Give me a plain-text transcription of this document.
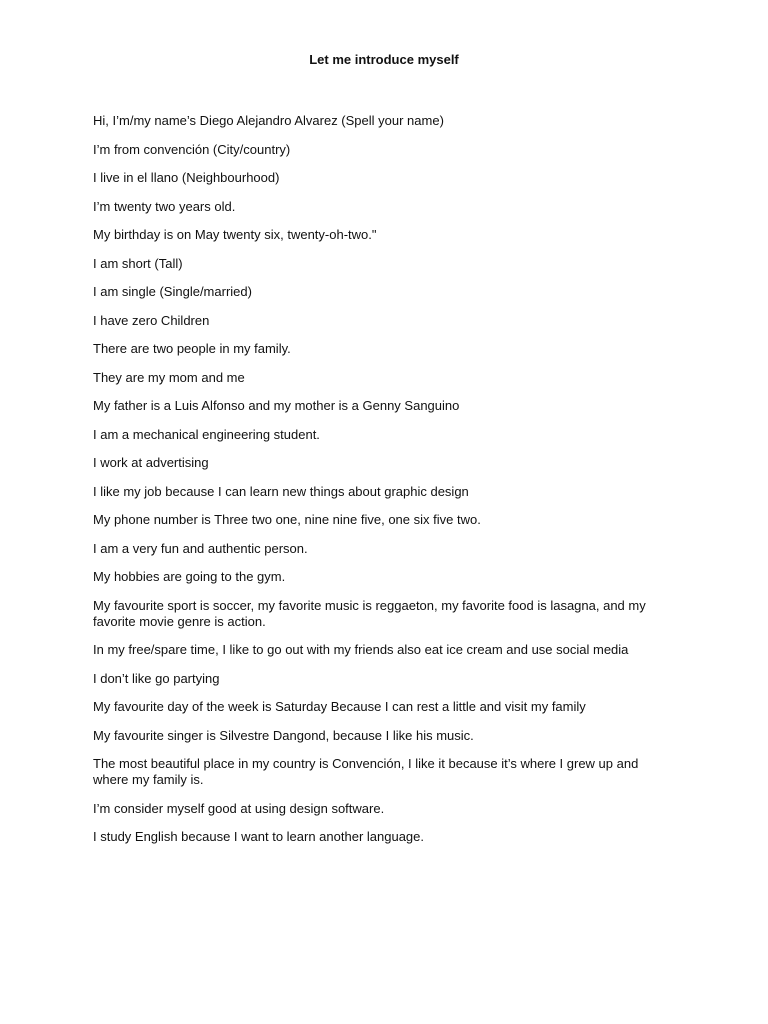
Let me introduce myself
Hi, I’m/my name’s Diego Alejandro Alvarez (Spell your name)
I’m from convención (City/country)
I live in el llano (Neighbourhood)
I’m twenty two years old.
My birthday is on May twenty six, twenty-oh-two."
I am short (Tall)
I am single (Single/married)
I have zero Children
There are two people in my family.
They are my mom and me
My father is a Luis Alfonso and my mother is a Genny Sanguino
I am a mechanical engineering student.
I work at advertising
I like my job because I can learn new things about graphic design
My phone number is Three two one, nine nine five, one six five two.
I am a very fun and authentic person.
My hobbies are going to the gym.
My favourite sport is soccer, my favorite music is reggaeton, my favorite food is lasagna, and my favorite movie genre is action.
In my free/spare time, I like to go out with my friends also eat ice cream and use social media
I don’t like go partying
My favourite day of the week is Saturday Because I can rest a little and visit my family
My favourite singer is Silvestre Dangond, because I like his music.
The most beautiful place in my country is Convención, I like it because it’s where I grew up and where my family is.
I’m consider myself good at using design software.
I study English because I want to learn another language.
